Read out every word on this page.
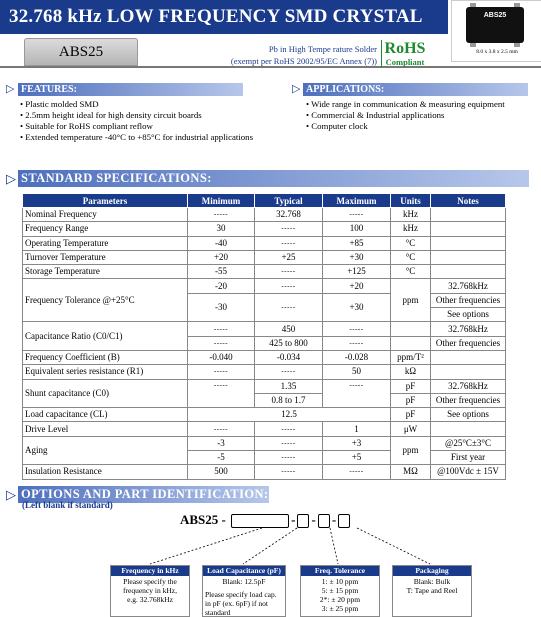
32.768 kHz LOW FREQUENCY SMD CRYSTAL
ABS25	Pb in High Tempe rature Solder
(exempt per RoHS 2002/95/EC Annex (7))
RoHS
Compliant
ABS25
8.0 x 3.8 x 2.5 mm
▷ FEATURES:
• Plastic molded SMD
• 2.5mm height ideal for high density circuit boards
• Suitable for RoHS compliant reflow
• Extended temperature -40°C to +85°C for industrial applications
▷ APPLICATIONS:
• Wide range in communication & measuring equipment
• Commercial & Industrial applications
• Computer clock
▷ STANDARD SPECIFICATIONS:
Parameters	Minimum	Typical	Maximum	Units	Notes
Nominal Frequency	-----	32.768	-----	kHz	
Frequency Range	30	-----	100	kHz	
Operating Temperature	-40	-----	+85	°C	
Turnover Temperature	+20	+25	+30	°C	
Storage Temperature	-55	-----	+125	°C	
Frequency Tolerance @+25°C	-20	-----	+20	ppm	32.768kHz
	-30	-----	+30		Other frequencies
					See options
Capacitance Ratio (C0/C1)	-----	450	-----		32.768kHz
	-----	425 to 800	-----		Other frequencies
Frequency Coefficient (B)	-0.040	-0.034	-0.028	ppm/T²	
Equivalent series resistance (R1)	-----	-----	50	kΩ	
Shunt capacitance (C0)	-----	1.35	-----	pF	32.768kHz
		0.8 to 1.7		pF	Other frequencies
Load capacitance (CL)	12.5			pF	See options
Drive Level	-----	-----	1	μW	
Aging	-3	-----	+3	ppm	@25°C±3°C
	-5	-----	+5		First year
Insulation Resistance	500	-----	-----	MΩ	@100Vdc ± 15V
▷ OPTIONS AND PART IDENTIFICATION:
(Left blank if standard)
ABS25 -	- - -
Frequency in kHz
Please specify the
frequency in kHz,
e.g. 32.768kHz
Load Capacitance (pF)
Blank: 12.5pF
Please specify load cap.
in pF (ex. 6pF) if not
standard
Freq. Tolerance
1: ± 10 ppm
5: ± 15 ppm
2*: ± 20 ppm
3: ± 25 ppm
Packaging
Blank: Bulk
T: Tape and Reel
